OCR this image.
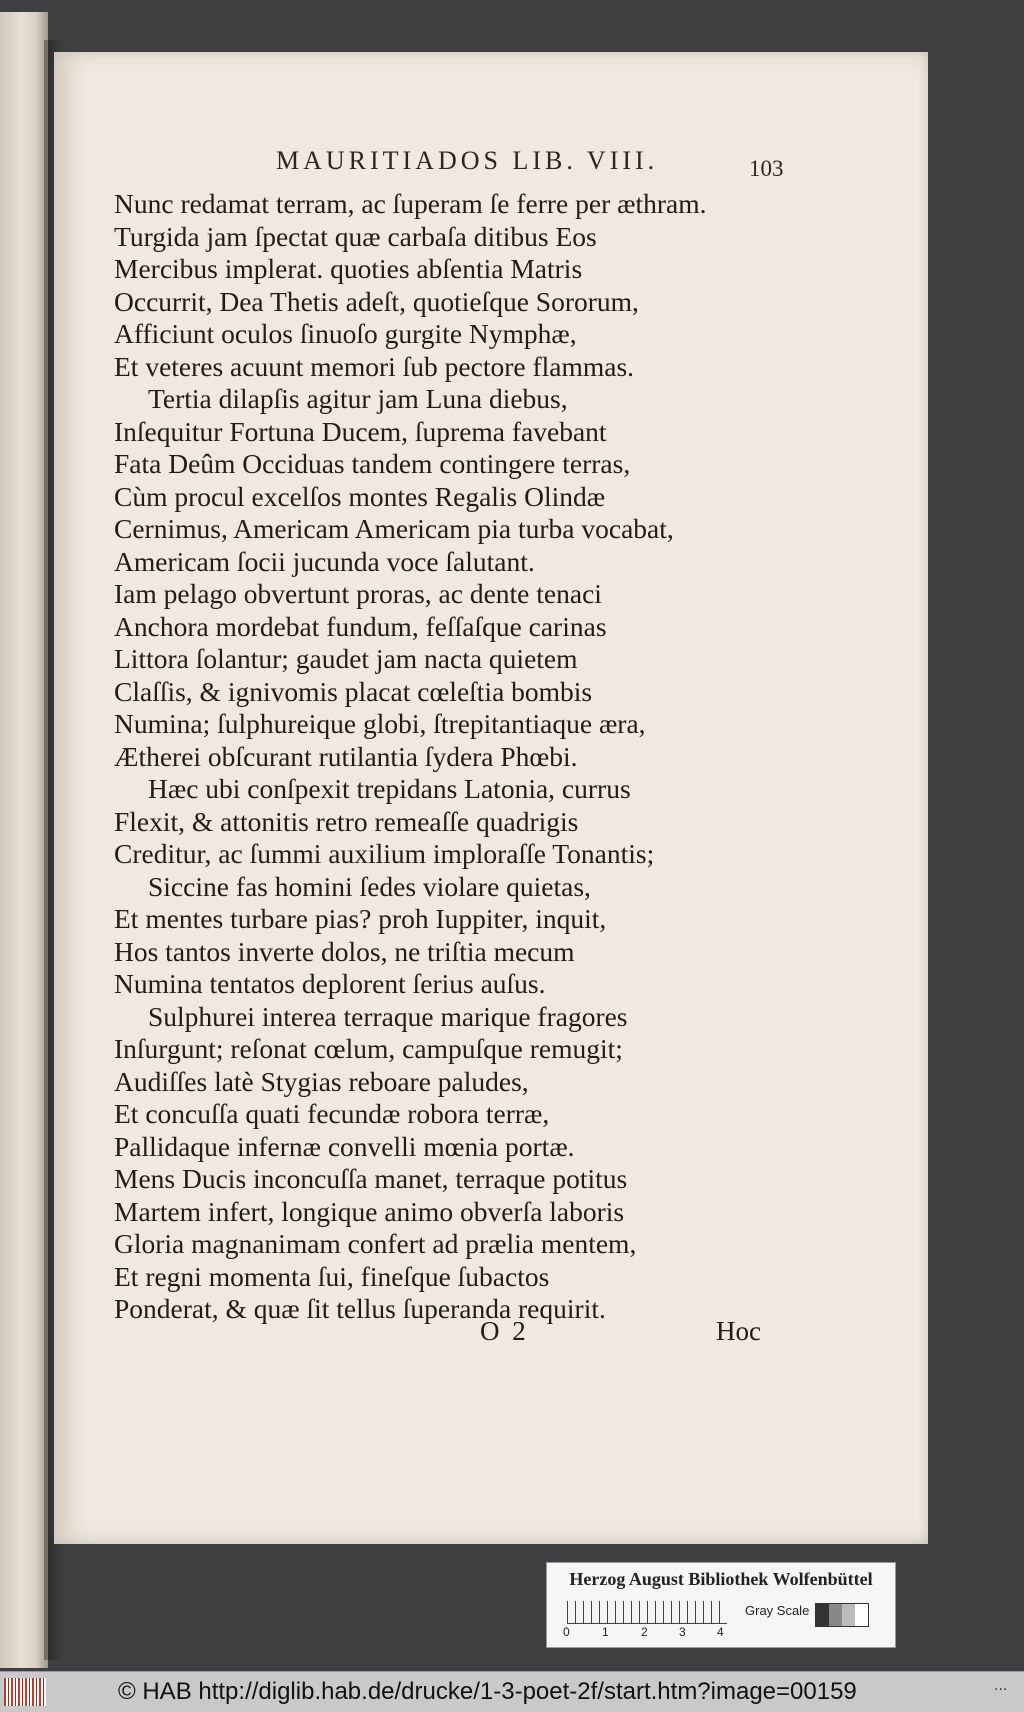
MAURITIADOS LIB. VIII.	103
Nunc redamat terram, ac ſuperam ſe ferre per æthram.
Turgida jam ſpectat quæ carbaſa ditibus Eos
Mercibus implerat. quoties abſentia Matris
Occurrit, Dea Thetis adeſt, quotieſque Sororum,
Afficiunt oculos ſinuoſo gurgite Nymphæ,
Et veteres acuunt memori ſub pectore flammas.
Tertia dilapſis agitur jam Luna diebus,
Inſequitur Fortuna Ducem, ſuprema favebant
Fata Deûm Occiduas tandem contingere terras,
Cùm procul excelſos montes Regalis Olindæ
Cernimus, Americam Americam pia turba vocabat,
Americam ſocii jucunda voce ſalutant.
Iam pelago obvertunt proras, ac dente tenaci
Anchora mordebat fundum, feſſaſque carinas
Littora ſolantur; gaudet jam nacta quietem
Claſſis, & ignivomis placat cœleſtia bombis
Numina; ſulphureique globi, ſtrepitantiaque æra,
Ætherei obſcurant rutilantia ſydera Phœbi.
Hæc ubi conſpexit trepidans Latonia, currus
Flexit, & attonitis retro remeaſſe quadrigis
Creditur, ac ſummi auxilium imploraſſe Tonantis;
Siccine fas homini ſedes violare quietas,
Et mentes turbare pias? proh Iuppiter, inquit,
Hos tantos inverte dolos, ne triſtia mecum
Numina tentatos deplorent ſerius auſus.
Sulphurei interea terraque marique fragores
Inſurgunt; reſonat cœlum, campuſque remugit;
Audiſſes latè Stygias reboare paludes,
Et concuſſa quati fecundæ robora terræ,
Pallidaque infernæ convelli mœnia portæ.
Mens Ducis inconcuſſa manet, terraque potitus
Martem infert, longique animo obverſa laboris
Gloria magnanimam confert ad prælia mentem,
Et regni momenta ſui, fineſque ſubactos
Ponderat, & quæ ſit tellus ſuperanda requirit.
O 2	Hoc
Herzog August Bibliothek Wolfenbüttel
0	1	2	3	4
Gray Scale
© HAB http://diglib.hab.de/drucke/1-3-poet-2f/start.htm?image=00159	···
